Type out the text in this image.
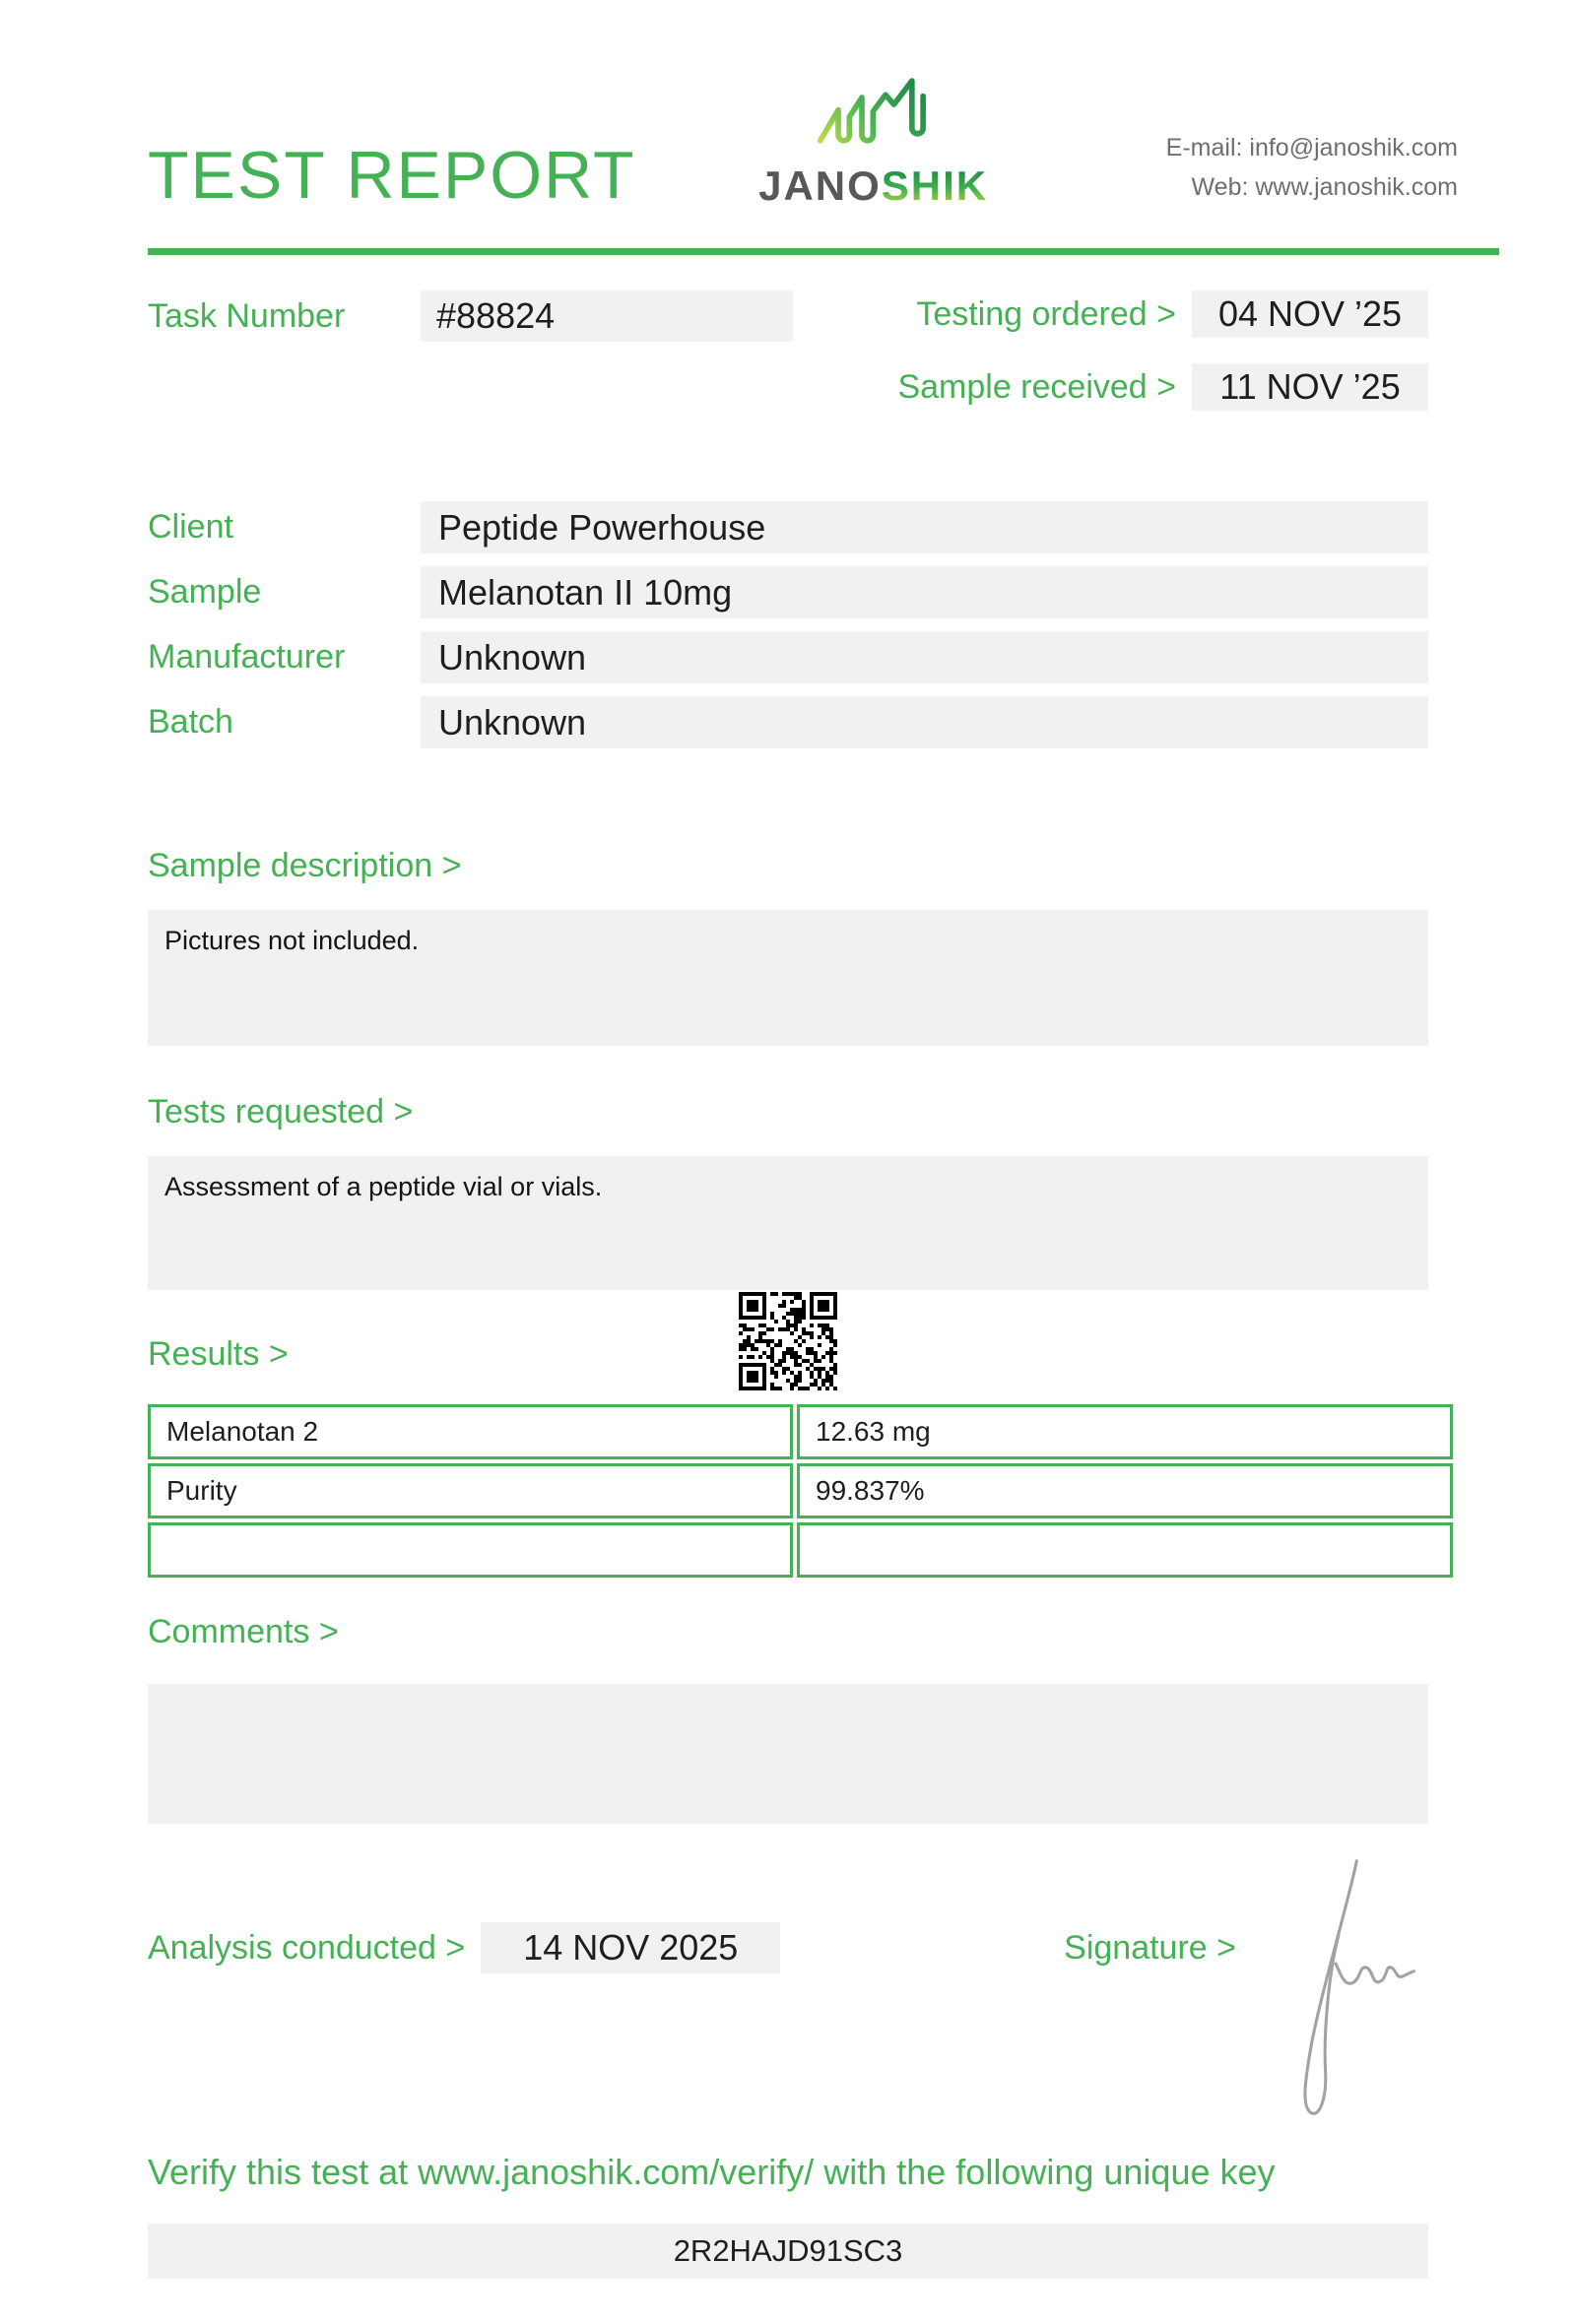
TEST REPORT	JANOSHIK
E-mail: info@janoshik.com
Web: www.janoshik.com
Task Number	#88824	Testing ordered >	04 NOV ’25
Sample received >	11 NOV ’25
Client	Peptide Powerhouse
Sample	Melanotan II 10mg
Manufacturer	Unknown
Batch	Unknown
Sample description >
Pictures not included.
Tests requested >
Assessment of a peptide vial or vials.
Results >
Melanotan 2	12.63 mg
Purity	99.837%

Comments >
Analysis conducted >	14 NOV 2025	Signature >
Verify this test at www.janoshik.com/verify/ with the following unique key
2R2HAJD91SC3
